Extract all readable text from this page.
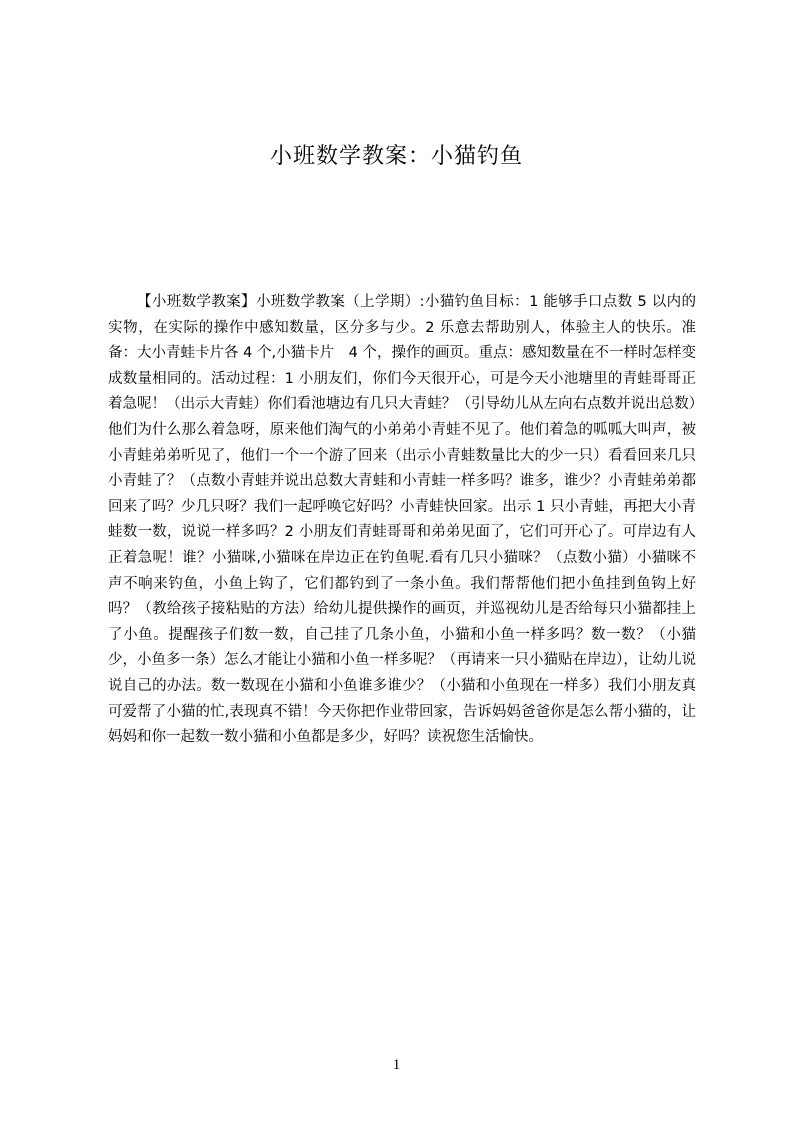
小班数学教案：小猫钓鱼

【小班数学教案】小班数学教案（上学期）:小猫钓鱼目标：1 能够手口点数 5 以内的实物，在实际的操作中感知数量，区分多与少。2 乐意去帮助别人，体验主人的快乐。准备：大小青蛙卡片各 4 个,小猫卡片　4 个，操作的画页。重点：感知数量在不一样时怎样变成数量相同的。活动过程：1 小朋友们，你们今天很开心，可是今天小池塘里的青蛙哥哥正着急呢！（出示大青蛙）你们看池塘边有几只大青蛙？（引导幼儿从左向右点数并说出总数）他们为什么那么着急呀，原来他们淘气的小弟弟小青蛙不见了。他们着急的呱呱大叫声，被小青蛙弟弟听见了，他们一个一个游了回来（出示小青蛙数量比大的少一只）看看回来几只小青蛙了？（点数小青蛙并说出总数大青蛙和小青蛙一样多吗？谁多，谁少？小青蛙弟弟都回来了吗？少几只呀？我们一起呼唤它好吗？小青蛙快回家。出示 1 只小青蛙，再把大小青蛙数一数，说说一样多吗？2 小朋友们青蛙哥哥和弟弟见面了，它们可开心了。可岸边有人正着急呢！谁？小猫咪,小猫咪在岸边正在钓鱼呢.看有几只小猫咪？（点数小猫）小猫咪不声不响来钓鱼，小鱼上钩了，它们都钓到了一条小鱼。我们帮帮他们把小鱼挂到鱼钩上好吗？（教给孩子接粘贴的方法）给幼儿提供操作的画页，并巡视幼儿是否给每只小猫都挂上了小鱼。提醒孩子们数一数，自己挂了几条小鱼，小猫和小鱼一样多吗？数一数？（小猫少，小鱼多一条）怎么才能让小猫和小鱼一样多呢？（再请来一只小猫贴在岸边），让幼儿说说自己的办法。数一数现在小猫和小鱼谁多谁少？（小猫和小鱼现在一样多）我们小朋友真可爱帮了小猫的忙,表现真不错！今天你把作业带回家，告诉妈妈爸爸你是怎么帮小猫的，让妈妈和你一起数一数小猫和小鱼都是多少，好吗？读祝您生活愉快。

1
